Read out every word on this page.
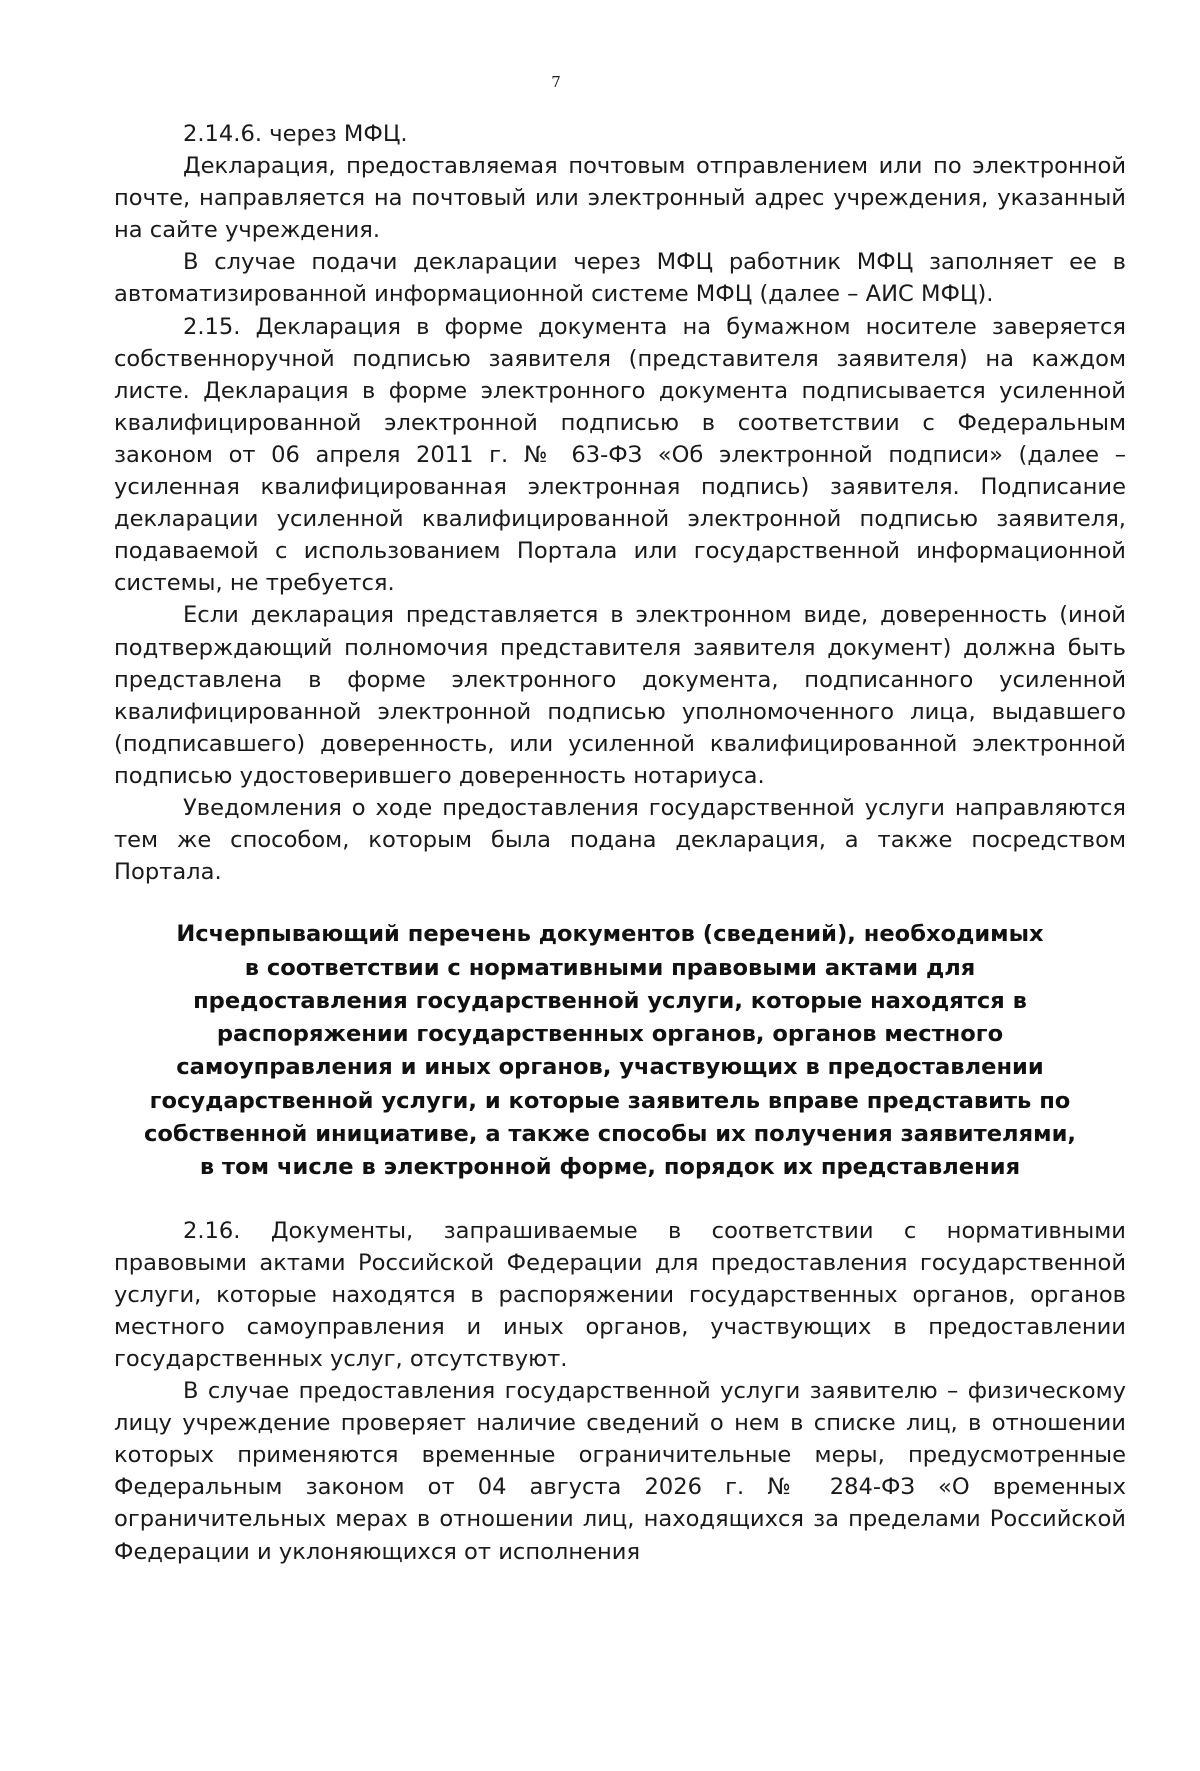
7

2.14.6. через МФЦ.

Декларация, предоставляемая почтовым отправлением или по электронной почте, направляется на почтовый или электронный адрес учреждения, указанный на сайте учреждения.

В случае подачи декларации через МФЦ работник МФЦ заполняет ее в автоматизированной информационной системе МФЦ (далее – АИС МФЦ).

2.15. Декларация в форме документа на бумажном носителе заверяется собственноручной подписью заявителя (представителя заявителя) на каждом листе. Декларация в форме электронного документа подписывается усиленной квалифицированной электронной подписью в соответствии с Федеральным законом от 06 апреля 2011 г. № 63-ФЗ «Об электронной подписи» (далее – усиленная квалифицированная электронная подпись) заявителя. Подписание декларации усиленной квалифицированной электронной подписью заявителя, подаваемой с использованием Портала или государственной информационной системы, не требуется.

Если декларация представляется в электронном виде, доверенность (иной подтверждающий полномочия представителя заявителя документ) должна быть представлена в форме электронного документа, подписанного усиленной квалифицированной электронной подписью уполномоченного лица, выдавшего (подписавшего) доверенность, или усиленной квалифицированной электронной подписью удостоверившего доверенность нотариуса.

Уведомления о ходе предоставления государственной услуги направляются тем же способом, которым была подана декларация, а также посредством Портала.

Исчерпывающий перечень документов (сведений), необходимых
в соответствии с нормативными правовыми актами для
предоставления государственной услуги, которые находятся в
распоряжении государственных органов, органов местного
самоуправления и иных органов, участвующих в предоставлении
государственной услуги, и которые заявитель вправе представить по
собственной инициативе, а также способы их получения заявителями,
в том числе в электронной форме, порядок их представления

2.16. Документы, запрашиваемые в соответствии с нормативными правовыми актами Российской Федерации для предоставления государственной услуги, которые находятся в распоряжении государственных органов, органов местного самоуправления и иных органов, участвующих в предоставлении государственных услуг, отсутствуют.

В случае предоставления государственной услуги заявителю – физическому лицу учреждение проверяет наличие сведений о нем в списке лиц, в отношении которых применяются временные ограничительные меры, предусмотренные Федеральным законом от 04 августа 2026 г. № 284-ФЗ «О временных ограничительных мерах в отношении лиц, находящихся за пределами Российской Федерации и уклоняющихся от исполнения
